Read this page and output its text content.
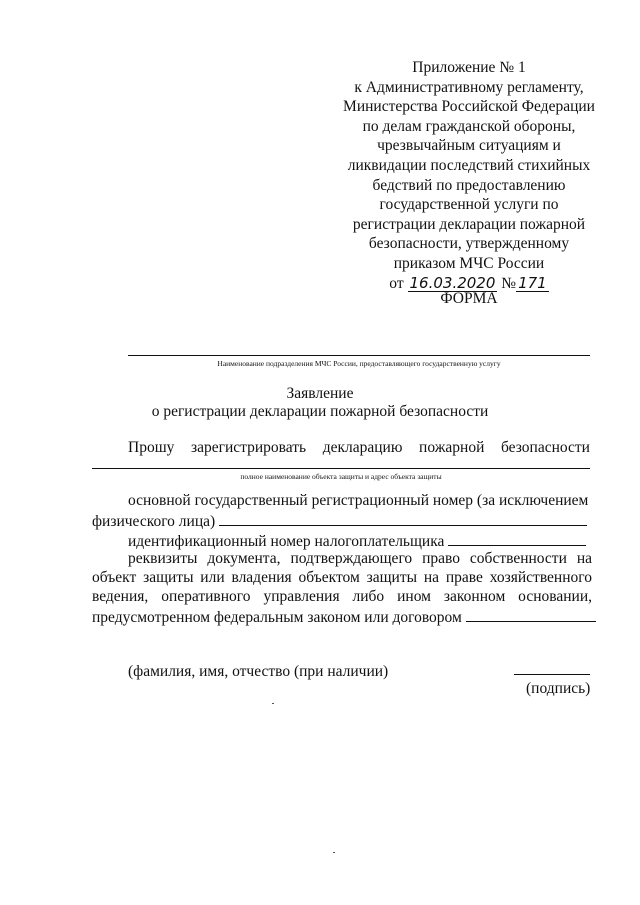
Приложение № 1
к Административному регламенту,
Министерства Российской Федерации
по делам гражданской обороны,
чрезвычайным ситуациям и
ликвидации последствий стихийных
бедствий по предоставлению
государственной услуги по
регистрации декларации пожарной
безопасности, утвержденному
приказом МЧС России
от 16.03.2020 № 171
ФОРМА
Наименование подразделения МЧС России, предоставляющего государственную услугу
Заявление
о регистрации декларации пожарной безопасности
Прошу зарегистрировать декларацию пожарной безопасности
полное наименование объекта защиты и адрес объекта защиты
основной государственный регистрационный номер (за исключением
физического лица)
идентификационный номер налогоплательщика
реквизиты документа, подтверждающего право собственности на
объект защиты или владения объектом защиты на праве хозяйственного
ведения, оперативного управления либо ином законном основании,
предусмотренном федеральным законом или договором
(фамилия, имя, отчество (при наличии)
(подпись)
